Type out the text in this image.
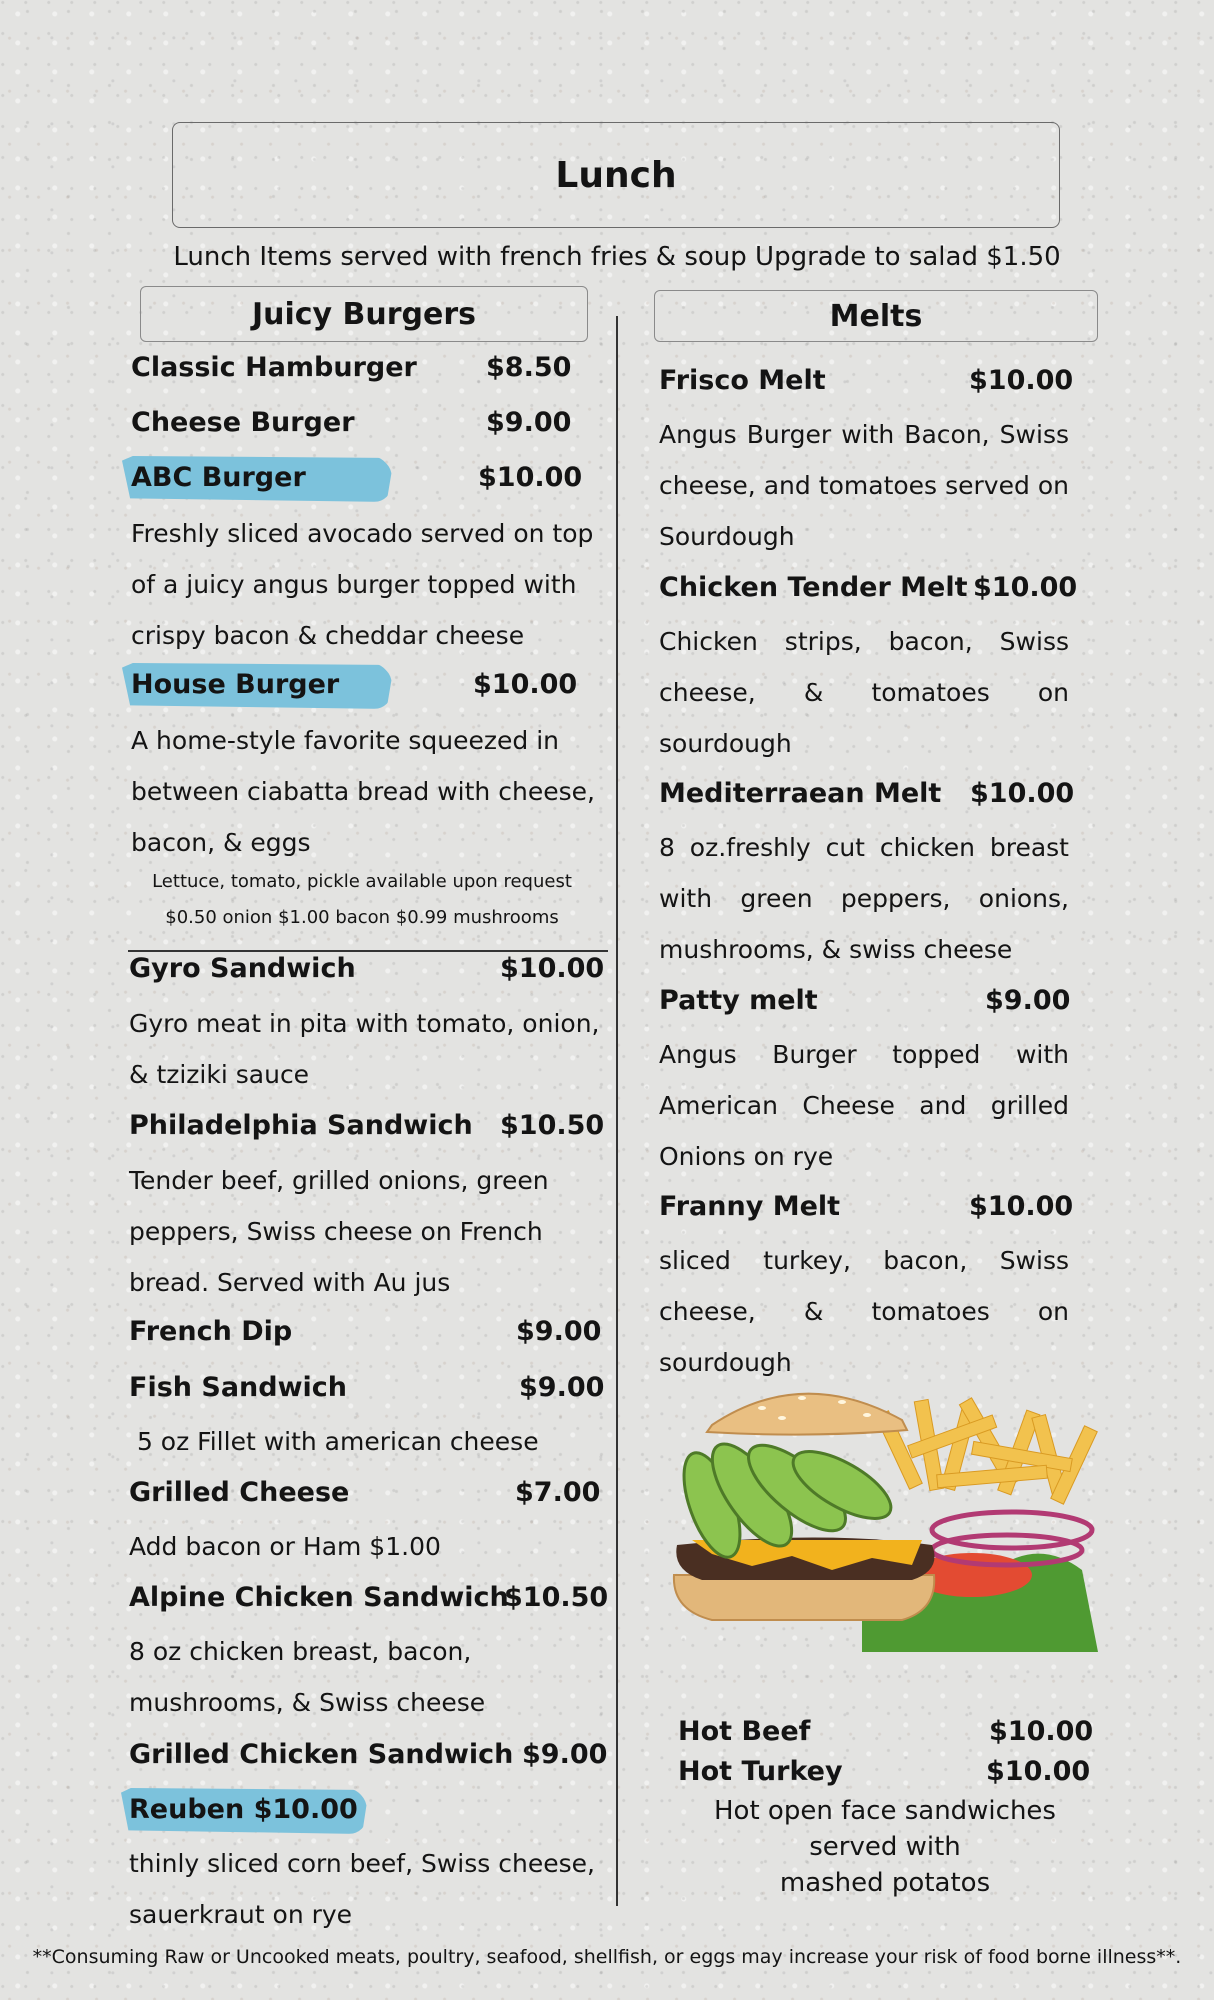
Lunch
Lunch Items served with french fries & soup Upgrade to salad $1.50
Juicy Burgers	Melts
Classic Hamburger	$8.50
Cheese Burger	$9.00
ABC Burger	$10.00
Freshly sliced avocado served on top
of a juicy angus burger topped with
crispy bacon & cheddar cheese
House Burger	$10.00
A home-style favorite squeezed in
between ciabatta bread with cheese,
bacon, & eggs
Lettuce, tomato, pickle available upon request
$0.50 onion $1.00 bacon $0.99 mushrooms
Gyro Sandwich	$10.00
Gyro meat in pita with tomato, onion,
& tziziki sauce
Philadelphia Sandwich $10.50
Tender beef, grilled onions, green
peppers, Swiss cheese on French
bread. Served with Au jus
French Dip	$9.00
Fish Sandwich	$9.00
5 oz Fillet with american cheese
Grilled Cheese	$7.00
Add bacon or Ham $1.00
Alpine Chicken Sandwich
$10.50
8 oz chicken breast, bacon,
mushrooms, & Swiss cheese
Grilled Chicken Sandwich $9.00
Reuben $10.00
thinly sliced corn beef, Swiss cheese,
sauerkraut on rye
Frisco Melt	$10.00
Angus Burger with Bacon, Swiss
cheese, and tomatoes served on
Sourdough
Chicken Tender Melt $10.00
Chicken strips, bacon, Swiss
cheese, & tomatoes on
sourdough
Mediterraean Melt $10.00
8 oz.freshly cut chicken breast
with green peppers, onions,
mushrooms, & swiss cheese
Patty melt	$9.00
Angus Burger topped with
American Cheese and grilled
Onions on rye
Franny Melt	$10.00
sliced turkey, bacon, Swiss
cheese, & tomatoes on
sourdough
Hot Beef	$10.00
Hot Turkey	$10.00
Hot open face sandwiches
served with
mashed potatos
**Consuming Raw or Uncooked meats, poultry, seafood, shellfish, or eggs may increase your risk of food borne illness**.
